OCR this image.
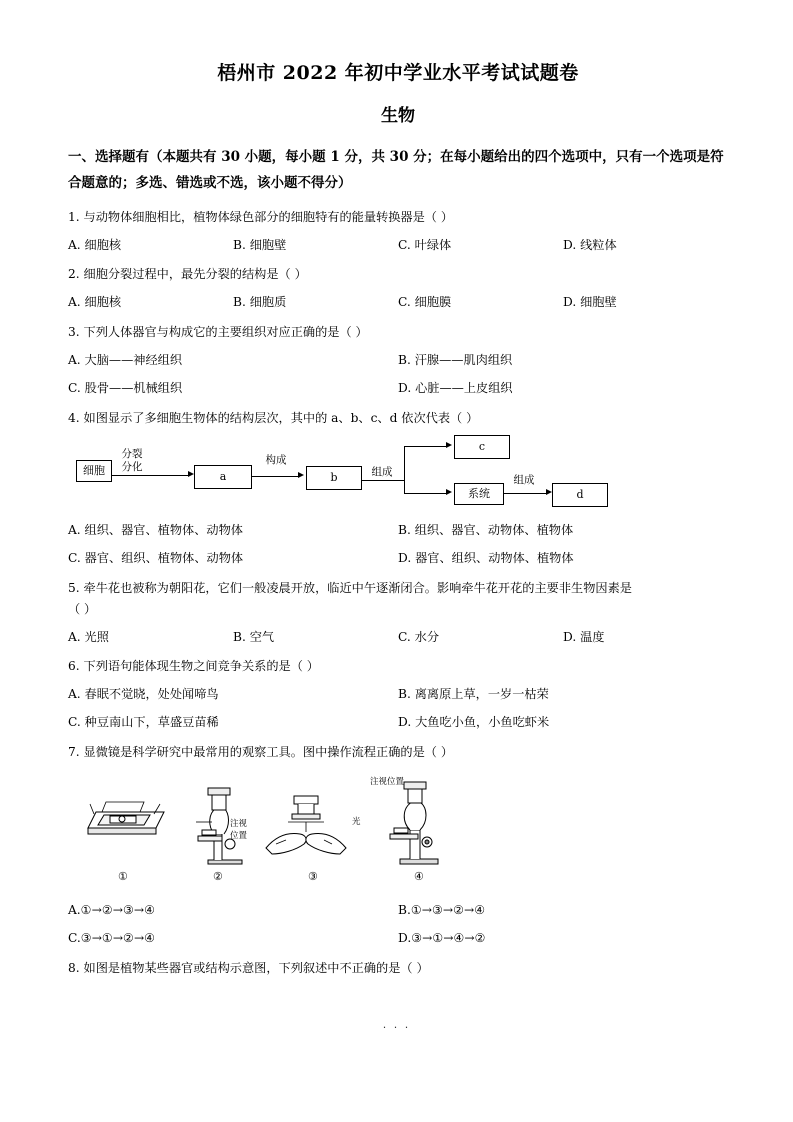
梧州市 2022 年初中学业水平考试试题卷
生物
一、选择题有（本题共有 30 小题，每小题 1 分，共 30 分；在每小题给出的四个选项中，只有一个选项是符合题意的；多选、错选或不选，该小题不得分）
1. 与动物体细胞相比，植物体绿色部分的细胞特有的能量转换器是（ ）
A. 细胞核	B. 细胞壁	C. 叶绿体	D. 线粒体
2. 细胞分裂过程中，最先分裂的结构是（ ）
A. 细胞核	B. 细胞质	C. 细胞膜	D. 细胞壁
3. 下列人体器官与构成它的主要组织对应正确的是（ ）
A. 大脑——神经组织	B. 汗腺——肌肉组织
C. 股骨——机械组织	D. 心脏——上皮组织
4. 如图显示了多细胞生物体的结构层次，其中的 a、b、c、d 依次代表（ ）
细胞
分裂
分化
a
构成
b	组成
c
系统
组成
d
A. 组织、器官、植物体、动物体	B. 组织、器官、动物体、植物体
C. 器官、组织、植物体、动物体	D. 器官、组织、动物体、植物体
5. 牵牛花也被称为朝阳花，它们一般凌晨开放，临近中午逐渐闭合。影响牵牛花开花的主要非生物因素是
（ ）
A. 光照	B. 空气	C. 水分	D. 温度
6. 下列语句能体现生物之间竞争关系的是（ ）
A. 春眠不觉晓，处处闻啼鸟	B. 离离原上草，一岁一枯荣
C. 种豆南山下，草盛豆苗稀	D. 大鱼吃小鱼，小鱼吃虾米
7. 显微镜是科学研究中最常用的观察工具。图中操作流程正确的是（ ）
注视
位置
光
注视位置
①	②	③	④
A.①→②→③→④	B.①→③→②→④
C.③→①→②→④	D.③→①→④→②
8. 如图是植物某些器官或结构示意图，下列叙述中不正确的是（ ）
· · ·
